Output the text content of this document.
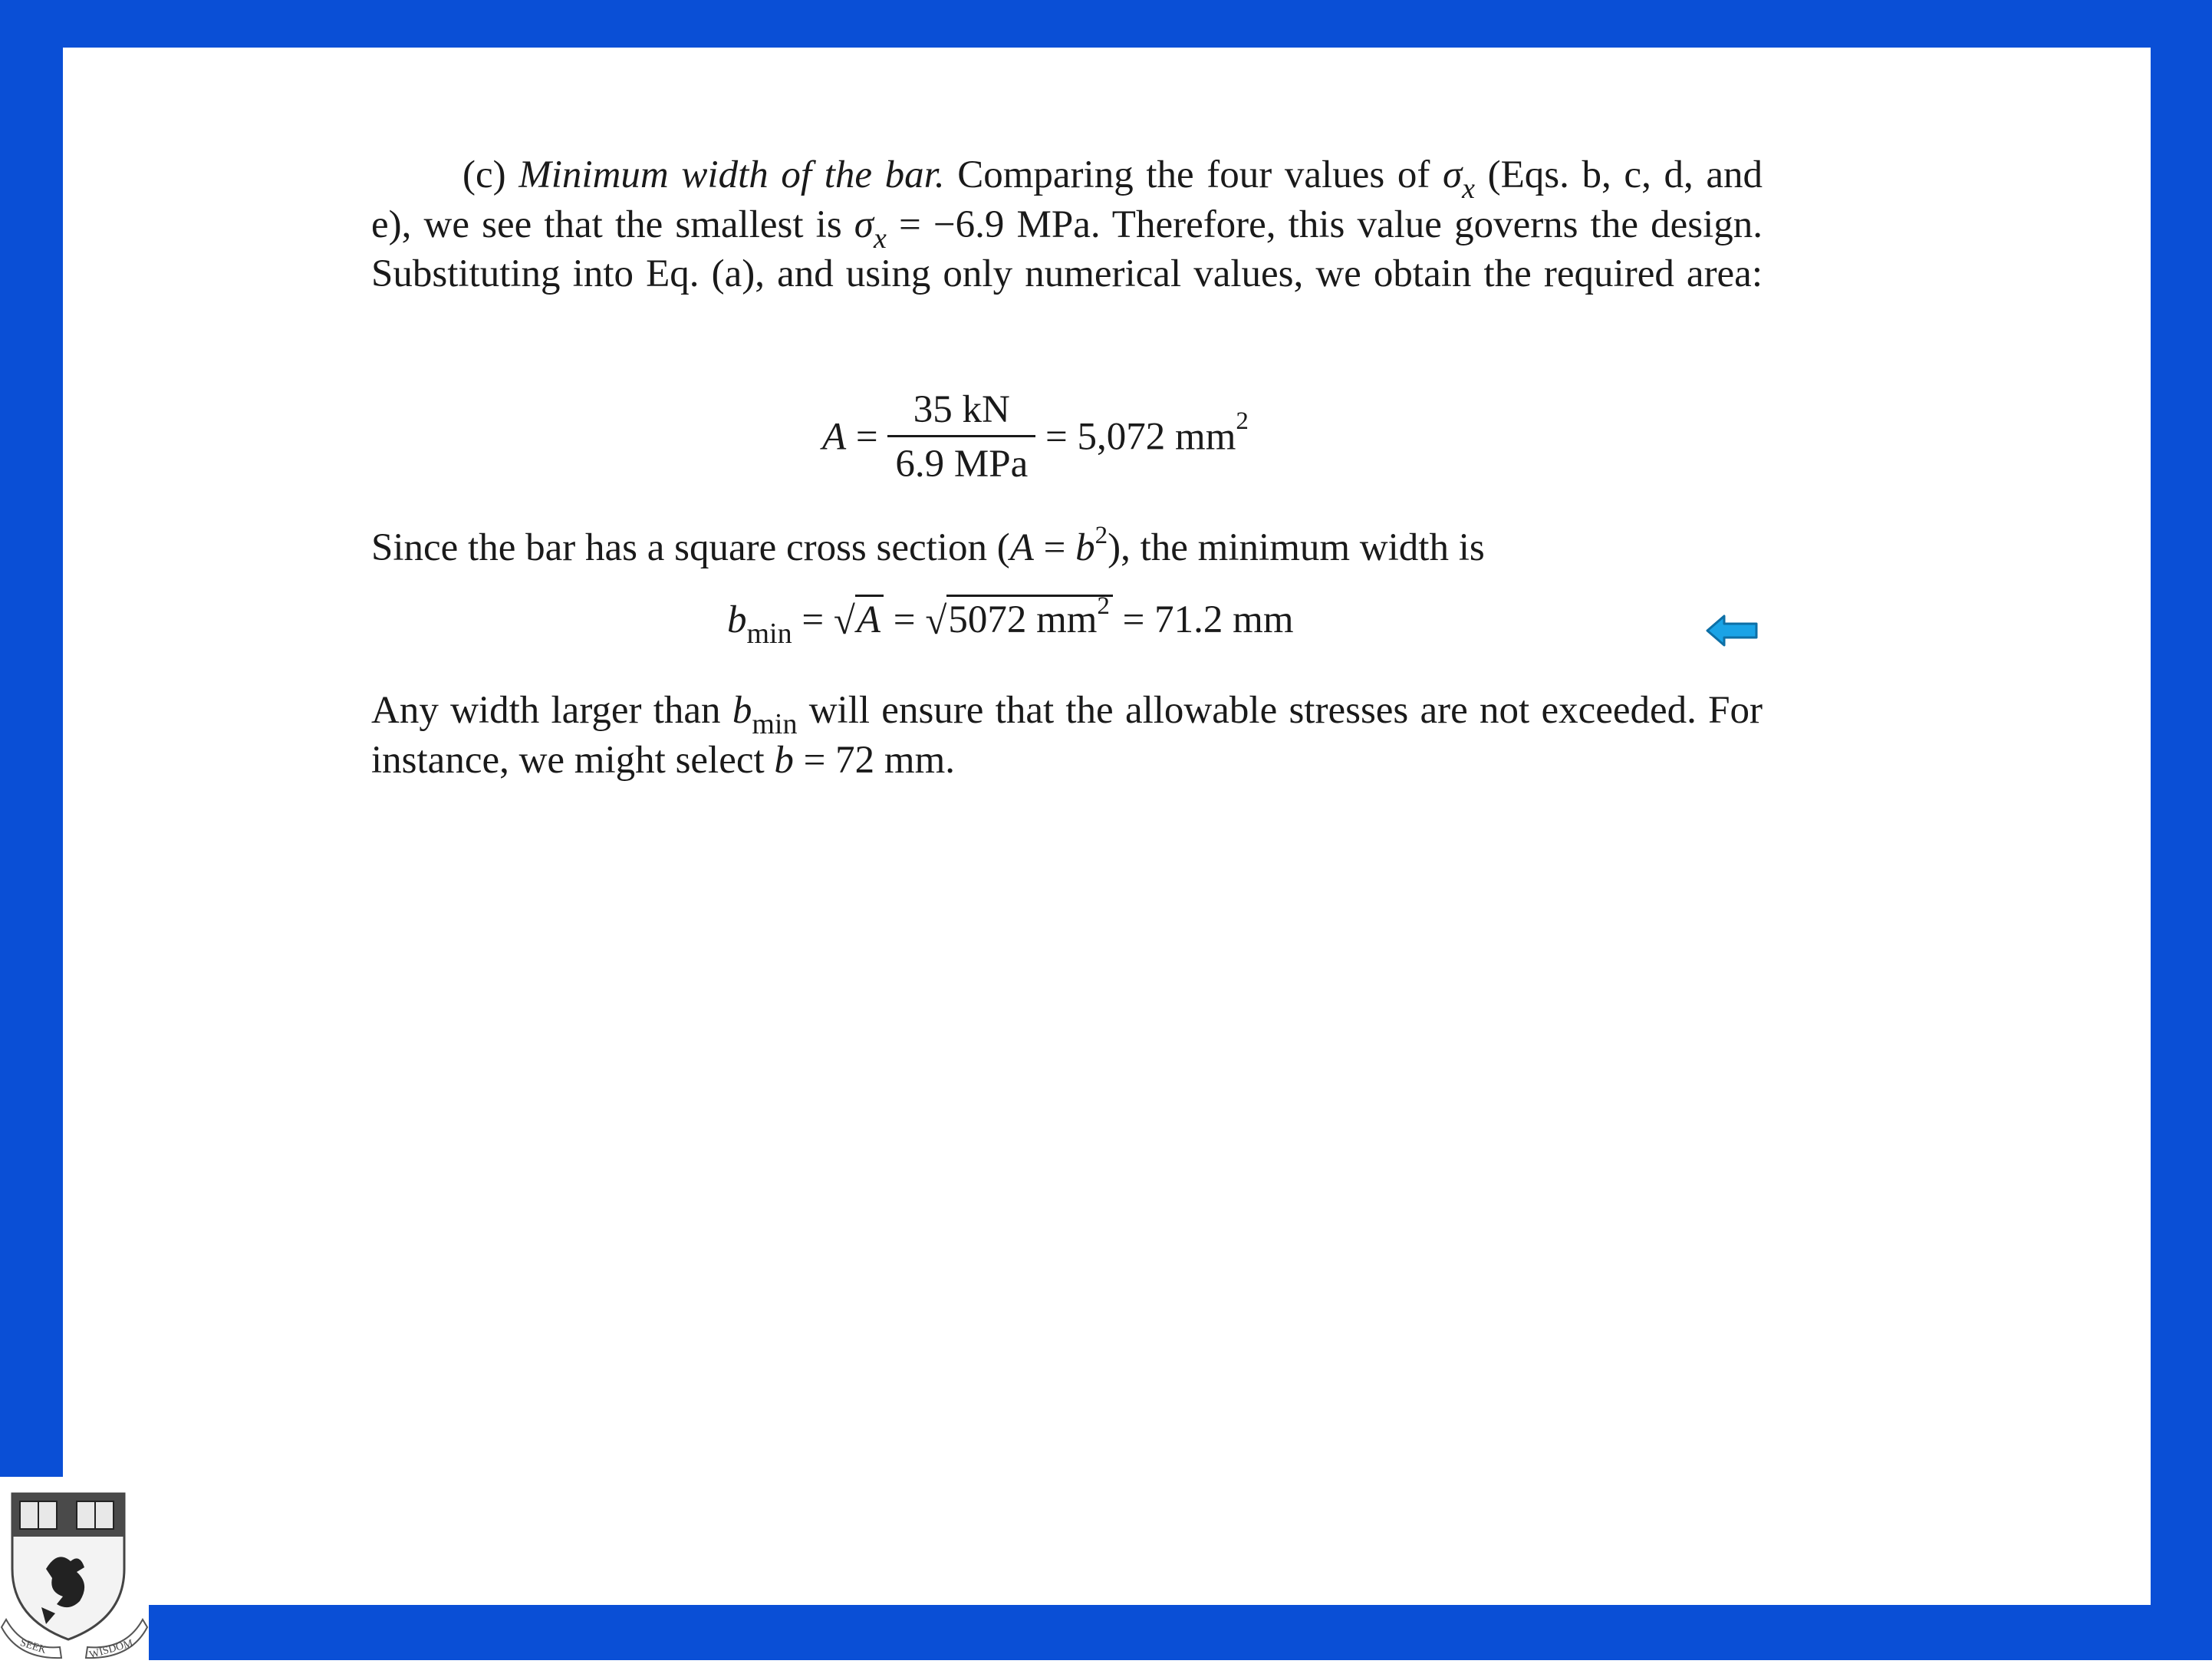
(c) Minimum width of the bar. Comparing the four values of $\sigma_x$ (Eqs. b, c, d, and e), we see that the smallest is $\sigma_x = -6.9$ MPa. Therefore, this value governs the design. Substituting into Eq. (a), and using only numerical values, we obtain the required area:

$A = \frac{35 kN}{\text{6.9 MPa}} = 5,072$ $mm^2$

Since the bar has a square cross section $(A = b^2)$, the minimum width is

$b_{min} = √A = √5072$ $mm^2 = 71.2$ mm

Any width larger than $b_{min}$ will ensure that the allowable stresses are not exceeded. For instance, we might select b = 72 mm.

SEEK	WISDOM
